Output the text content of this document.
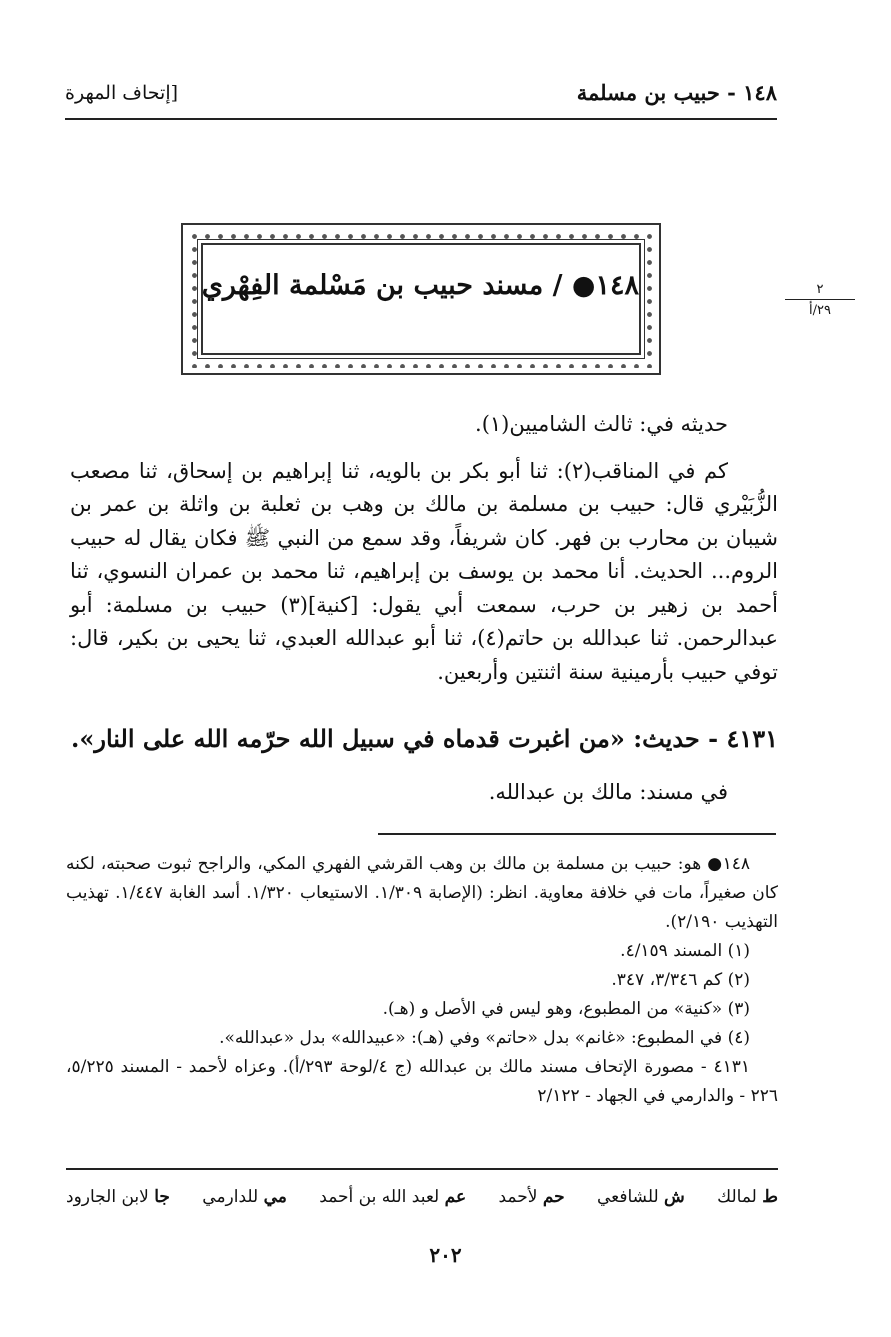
١٤٨ - حبيب بن مسلمة
[إتحاف المهرة
٢
٢٩/أ
١٤٨● / مسند حبيب بن مَسْلمة الفِهْري

حديثه في: ثالث الشاميين(١).

كم في المناقب(٢): ثنا أبو بكر بن بالويه، ثنا إبراهيم بن إسحاق، ثنا مصعب الزُّبَيْري قال: حبيب بن مسلمة بن مالك بن وهب بن ثعلبة بن واثلة بن عمر بن شيبان بن محارب بن فهر. كان شريفاً، وقد سمع من النبي ﷺ فكان يقال له حبيب الروم... الحديث. أنا محمد بن يوسف بن إبراهيم، ثنا محمد بن عمران النسوي، ثنا أحمد بن زهير بن حرب، سمعت أبي يقول: [كنية](٣) حبيب بن مسلمة: أبو عبدالرحمن. ثنا عبدالله بن حاتم(٤)، ثنا أبو عبدالله العبدي، ثنا يحيى بن بكير، قال: توفي حبيب بأرمينية سنة اثنتين وأربعين.

٤١٣١ - حديث: «من اغبرت قدماه في سبيل الله حرّمه الله على النار».
في مسند: مالك بن عبدالله.

١٤٨● هو: حبيب بن مسلمة بن مالك بن وهب القرشي الفهري المكي، والراجح ثبوت صحبته، لكنه كان صغيراً، مات في خلافة معاوية. انظر: (الإصابة ١/٣٠٩. الاستيعاب ١/٣٢٠. أسد الغابة ١/٤٤٧. تهذيب التهذيب ٢/١٩٠).

(١) المسند ٤/١٥٩.

(٢) كم ٣/٣٤٦، ٣٤٧.

(٣) «كنية» من المطبوع، وهو ليس في الأصل و (هـ).

(٤) في المطبوع: «غانم» بدل «حاتم» وفي (هـ): «عبيدالله» بدل «عبدالله».

٤١٣١ - مصورة الإتحاف مسند مالك بن عبدالله (ج ٤/لوحة ٢٩٣/أ). وعزاه لأحمد - المسند ٥/٢٢٥، ٢٢٦ - والدارمي في الجهاد - ٢/١٢٢

ط لمالك
ش للشافعي
حم لأحمد
عم لعبد الله بن أحمد
مي للدارمي
جا لابن الجارود
٢٠٢
